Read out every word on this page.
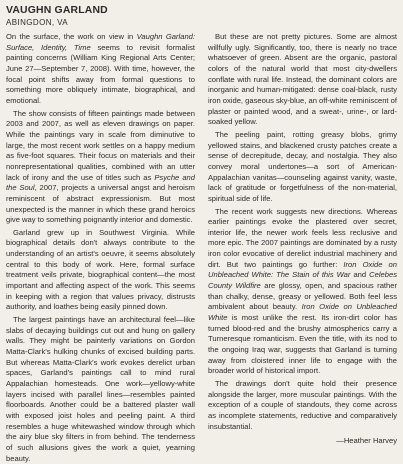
VAUGHN GARLAND
ABINGDON, VA

On the surface, the work on view in Vaughn Garland: Surface, Identity, Time seems to revisit formalist painting concerns (William King Regional Arts Center; June 27—September 7, 2008). With time, however, the focal point shifts away from formal questions to something more obliquely intimate, biographical, and emotional.

The show consists of fifteen paintings made between 2003 and 2007, as well as eleven drawings on paper. While the paintings vary in scale from diminutive to large, the most recent work settles on a happy medium as five-foot squares. Their focus on materials and their nonrepresentational qualities, combined with an utter lack of irony and the use of titles such as Psyche and the Soul, 2007, projects a universal angst and heroism reminiscent of abstract expressionism. But most unexpected is the manner in which these grand heroics give way to something poignantly interior and domestic.

Garland grew up in Southwest Virginia. While biographical details don't always contribute to the understanding of an artist's oeuvre, it seems absolutely central to this body of work. Here, formal surface treatment veils private, biographical content—the most important and affecting aspect of the work. This seems in keeping with a region that values privacy, distrusts authority, and loathes being easily pinned down.

The largest paintings have an architectural feel—like slabs of decaying buildings cut out and hung on gallery walls. They might be painterly variations on Gordon Matta-Clark's hulking chunks of excised building parts. But whereas Matta-Clark's work evokes derelict urban spaces, Garland's paintings call to mind rural Appalachian homesteads. One work—yellowy-white layers incised with parallel lines—resembles painted floorboards. Another could be a battered plaster wall with exposed joist holes and peeling paint. A third resembles a huge whitewashed window through which the airy blue sky filters in from behind. The tenderness of such allusions gives the work a quiet, yearning beauty.

But these are not pretty pictures. Some are almost willfully ugly. Significantly, too, there is nearly no trace whatsoever of green. Absent are the organic, pastoral colors of the natural world that most city-dwellers conflate with rural life. Instead, the dominant colors are inorganic and human-mitigated: dense coal-black, rusty iron oxide, gaseous sky-blue, an off-white reminiscent of plaster or painted wood, and a sweat-, urine-, or lard-soaked yellow.

The peeling paint, rotting greasy blobs, grimy yellowed stains, and blackened crusty patches create a sense of decrepitude, decay, and nostalgia. They also convey moral undertones—a sort of American-Appalachian vanitas—counseling against vanity, waste, lack of gratitude or forgetfulness of the non-material, spiritual side of life.

The recent work suggests new directions. Whereas earlier paintings evoke the plastered over secret, interior life, the newer work feels less reclusive and more epic. The 2007 paintings are dominated by a rusty iron color evocative of derelict industrial machinery and dirt. But two paintings go further: Iron Oxide on Unbleached White: The Stain of this War and Celebes County Wildfire are glossy, open, and spacious rather than chalky, dense, greasy or yellowed. Both feel less ambivalent about beauty. Iron Oxide on Unbleached White is most unlike the rest. Its iron-dirt color has turned blood-red and the brushy atmospherics carry a Turneresque romanticism. Even the title, with its nod to the ongoing Iraq war, suggests that Garland is turning away from cloistered inner life to engage with the broader world of historical import.

The drawings don't quite hold their presence alongside the larger, more muscular paintings. With the exception of a couple of standouts, they come across as incomplete statements, reductive and comparatively insubstantial.

—Heather Harvey
